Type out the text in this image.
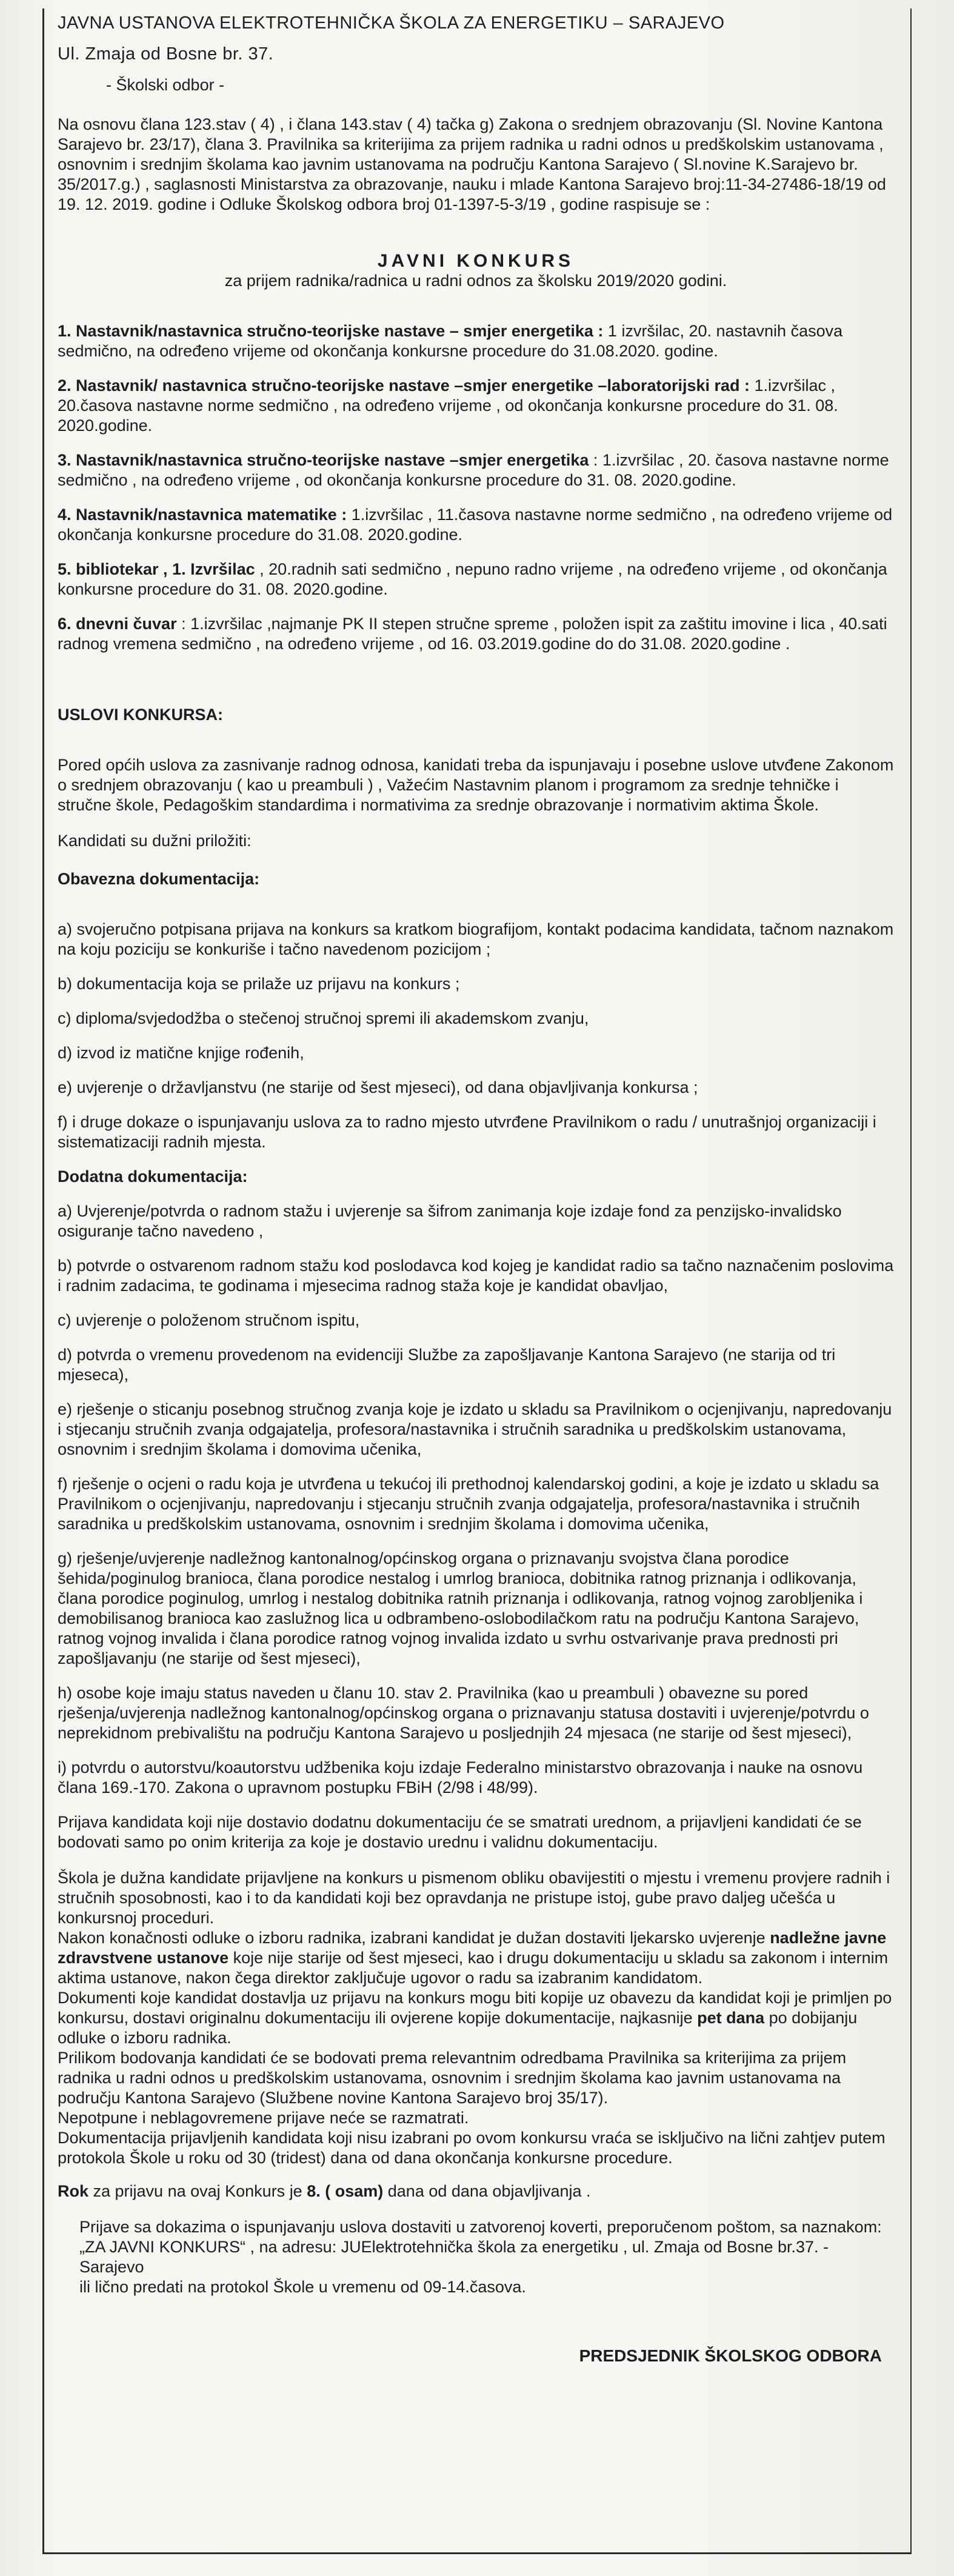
JAVNA USTANOVA ELEKTROTEHNIČKA ŠKOLA ZA ENERGETIKU – SARAJEVO

Ul. Zmaja od Bosne br. 37.

- Školski odbor -

Na osnovu člana 123.stav ( 4) , i člana 143.stav ( 4) tačka g) Zakona o srednjem obrazovanju (Sl. Novine Kantona Sarajevo br. 23/17), člana 3. Pravilnika sa kriterijima za prijem radnika u radni odnos u predškolskim ustanovama , osnovnim i srednjim školama kao javnim ustanovama na području Kantona Sarajevo ( Sl.novine K.Sarajevo br. 35/2017.g.) , saglasnosti Ministarstva za obrazovanje, nauku i mlade Kantona Sarajevo broj:11-34-27486-18/19 od 19. 12. 2019. godine i Odluke Školskog odbora broj 01-1397-5-3/19 , godine raspisuje se :

JAVNI KONKURS

za prijem radnika/radnica u radni odnos za školsku 2019/2020 godini.

1. Nastavnik/nastavnica stručno-teorijske nastave – smjer energetika : 1 izvršilac, 20. nastavnih časova sedmično, na određeno vrijeme od okončanja konkursne procedure do 31.08.2020. godine.

2. Nastavnik/ nastavnica stručno-teorijske nastave –smjer energetike –laboratorijski rad : 1.izvršilac , 20.časova nastavne norme sedmično , na određeno vrijeme , od okončanja konkursne procedure do 31. 08. 2020.godine.

3. Nastavnik/nastavnica stručno-teorijske nastave –smjer energetika : 1.izvršilac , 20. časova nastavne norme sedmično , na određeno vrijeme , od okončanja konkursne procedure do 31. 08. 2020.godine.

4. Nastavnik/nastavnica matematike : 1.izvršilac , 11.časova nastavne norme sedmično , na određeno vrijeme od okončanja konkursne procedure do 31.08. 2020.godine.

5. bibliotekar , 1. Izvršilac , 20.radnih sati sedmično , nepuno radno vrijeme , na određeno vrijeme , od okončanja konkursne procedure do 31. 08. 2020.godine.

6. dnevni čuvar : 1.izvršilac ,najmanje PK II stepen stručne spreme , položen ispit za zaštitu imovine i lica , 40.sati radnog vremena sedmično , na određeno vrijeme , od 16. 03.2019.godine do do 31.08. 2020.godine .

USLOVI KONKURSA:

Pored općih uslova za zasnivanje radnog odnosa, kanidati treba da ispunjavaju i posebne uslove utvđene Zakonom o srednjem obrazovanju ( kao u preambuli ) , Važećim Nastavnim planom i programom za srednje tehničke i stručne škole, Pedagoškim standardima i normativima za srednje obrazovanje i normativim aktima Škole.

Kandidati su dužni priložiti:

Obavezna dokumentacija:

a) svojeručno potpisana prijava na konkurs sa kratkom biografijom, kontakt podacima kandidata, tačnom naznakom na koju poziciju se konkuriše i tačno navedenom pozicijom ;

b) dokumentacija koja se prilaže uz prijavu na konkurs ;

c) diploma/svjedodžba o stečenoj stručnoj spremi ili akademskom zvanju,

d) izvod iz matične knjige rođenih,

e) uvjerenje o državljanstvu (ne starije od šest mjeseci), od dana objavljivanja konkursa ;

f) i druge dokaze o ispunjavanju uslova za to radno mjesto utvrđene Pravilnikom o radu / unutrašnjoj organizaciji i sistematizaciji radnih mjesta.

Dodatna dokumentacija:

a) Uvjerenje/potvrda o radnom stažu i uvjerenje sa šifrom zanimanja koje izdaje fond za penzijsko-invalidsko osiguranje tačno navedeno ,

b) potvrde o ostvarenom radnom stažu kod poslodavca kod kojeg je kandidat radio sa tačno naznačenim poslovima i radnim zadacima, te godinama i mjesecima radnog staža koje je kandidat obavljao,

c) uvjerenje o položenom stručnom ispitu,

d) potvrda o vremenu provedenom na evidenciji Službe za zapošljavanje Kantona Sarajevo (ne starija od tri mjeseca),

e) rješenje o sticanju posebnog stručnog zvanja koje je izdato u skladu sa Pravilnikom o ocjenjivanju, napredovanju i stjecanju stručnih zvanja odgajatelja, profesora/nastavnika i stručnih saradnika u predškolskim ustanovama, osnovnim i srednjim školama i domovima učenika,

f) rješenje o ocjeni o radu koja je utvrđena u tekućoj ili prethodnoj kalendarskoj godini, a koje je izdato u skladu sa Pravilnikom o ocjenjivanju, napredovanju i stjecanju stručnih zvanja odgajatelja, profesora/nastavnika i stručnih saradnika u predškolskim ustanovama, osnovnim i srednjim školama i domovima učenika,

g) rješenje/uvjerenje nadležnog kantonalnog/općinskog organa o priznavanju svojstva člana porodice šehida/poginulog branioca, člana porodice nestalog i umrlog branioca, dobitnika ratnog priznanja i odlikovanja, člana porodice poginulog, umrlog i nestalog dobitnika ratnih priznanja i odlikovanja, ratnog vojnog zarobljenika i demobilisanog branioca kao zaslužnog lica u odbrambeno-oslobodilačkom ratu na području Kantona Sarajevo, ratnog vojnog invalida i člana porodice ratnog vojnog invalida izdato u svrhu ostvarivanje prava prednosti pri zapošljavanju (ne starije od šest mjeseci),

h) osobe koje imaju status naveden u članu 10. stav 2. Pravilnika (kao u preambuli ) obavezne su pored rješenja/uvjerenja nadležnog kantonalnog/općinskog organa o priznavanju statusa dostaviti i uvjerenje/potvrdu o neprekidnom prebivalištu na području Kantona Sarajevo u posljednjih 24 mjesaca (ne starije od šest mjeseci),

i) potvrdu o autorstvu/koautorstvu udžbenika koju izdaje Federalno ministarstvo obrazovanja i nauke na osnovu člana 169.-170. Zakona o upravnom postupku FBiH (2/98 i 48/99).

Prijava kandidata koji nije dostavio dodatnu dokumentaciju će se smatrati urednom, a prijavljeni kandidati će se bodovati samo po onim kriterija za koje je dostavio urednu i validnu dokumentaciju.

Škola je dužna kandidate prijavljene na konkurs u pismenom obliku obavijestiti o mjestu i vremenu provjere radnih i stručnih sposobnosti, kao i to da kandidati koji bez opravdanja ne pristupe istoj, gube pravo daljeg učešća u konkursnoj proceduri.

Nakon konačnosti odluke o izboru radnika, izabrani kandidat je dužan dostaviti ljekarsko uvjerenje nadležne javne zdravstvene ustanove koje nije starije od šest mjeseci, kao i drugu dokumentaciju u skladu sa zakonom i internim aktima ustanove, nakon čega direktor zaključuje ugovor o radu sa izabranim kandidatom.

Dokumenti koje kandidat dostavlja uz prijavu na konkurs mogu biti kopije uz obavezu da kandidat koji je primljen po konkursu, dostavi originalnu dokumentaciju ili ovjerene kopije dokumentacije, najkasnije pet dana po dobijanju odluke o izboru radnika.

Prilikom bodovanja kandidati će se bodovati prema relevantnim odredbama Pravilnika sa kriterijima za prijem radnika u radni odnos u predškolskim ustanovama, osnovnim i srednjim školama kao javnim ustanovama na području Kantona Sarajevo (Službene novine Kantona Sarajevo broj 35/17).

Nepotpune i neblagovremene prijave neće se razmatrati.

Dokumentacija prijavljenih kandidata koji nisu izabrani po ovom konkursu vraća se isključivo na lični zahtjev putem protokola Škole u roku od 30 (tridest) dana od dana okončanja konkursne procedure.

Rok za prijavu na ovaj Konkurs je 8. ( osam) dana od dana objavljivanja .

Prijave sa dokazima o ispunjavanju uslova dostaviti u zatvorenoj koverti, preporučenom poštom, sa naznakom:„ZA JAVNI KONKURS“ , na adresu: JUElektrotehnička škola za energetiku , ul. Zmaja od Bosne br.37. - Sarajevo

ili lično predati na protokol Škole u vremenu od 09-14.časova.

PREDSJEDNIK ŠKOLSKOG ODBORA
